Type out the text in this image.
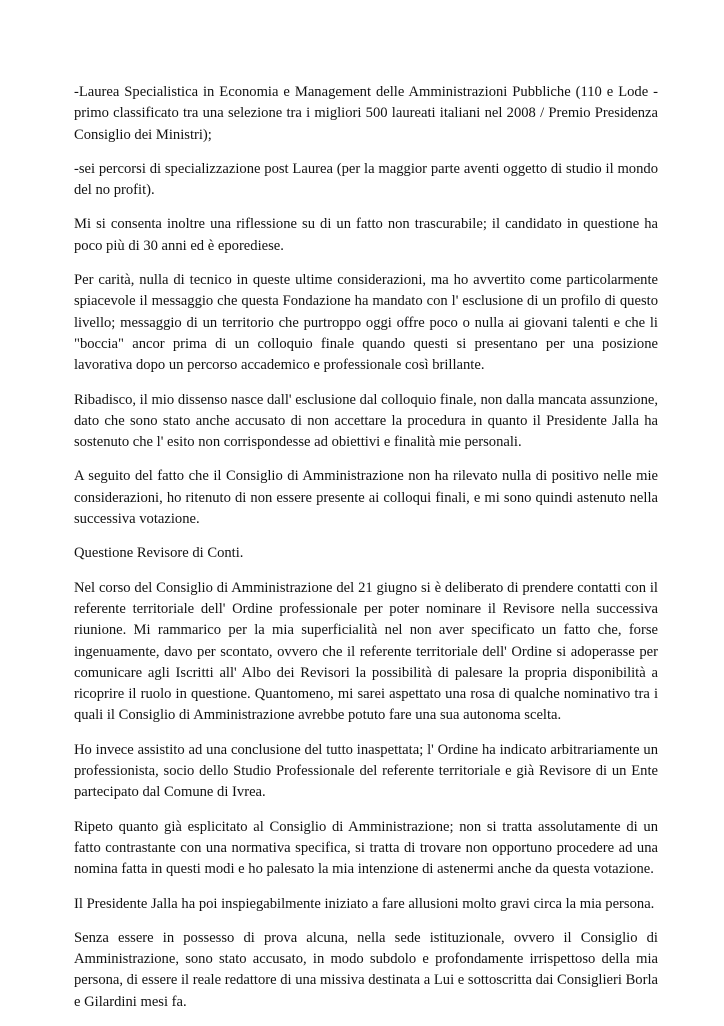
-Laurea Specialistica in Economia e Management delle Amministrazioni Pubbliche (110 e Lode - primo classificato tra una selezione tra i migliori 500 laureati italiani nel 2008 / Premio Presidenza Consiglio dei Ministri);

-sei percorsi di specializzazione post Laurea (per la maggior parte aventi oggetto di studio il mondo del no profit).

Mi si consenta inoltre una riflessione su di un fatto non trascurabile; il candidato in questione ha poco più di 30 anni ed è eporediese.

Per carità, nulla di tecnico in queste ultime considerazioni, ma ho avvertito come particolarmente spiacevole il messaggio che questa Fondazione ha mandato con l' esclusione di un profilo di questo livello; messaggio di un territorio che purtroppo oggi offre poco o nulla ai giovani talenti e che li "boccia" ancor prima di un colloquio finale quando questi si presentano per una posizione lavorativa dopo un percorso accademico e professionale così brillante.

Ribadisco, il mio dissenso nasce dall' esclusione dal colloquio finale, non dalla mancata assunzione, dato che sono stato anche accusato di non accettare la procedura in quanto il Presidente Jalla ha sostenuto che l' esito non corrispondesse ad obiettivi e finalità mie personali.

A seguito del fatto che il Consiglio di Amministrazione non ha rilevato nulla di positivo nelle mie considerazioni, ho ritenuto di non essere presente ai colloqui finali, e mi sono quindi astenuto nella successiva votazione.

Questione Revisore di Conti.

Nel corso del Consiglio di Amministrazione del 21 giugno si è deliberato di prendere contatti con il referente territoriale dell' Ordine professionale per poter nominare il Revisore nella successiva riunione. Mi rammarico per la mia superficialità nel non aver specificato un fatto che, forse ingenuamente, davo per scontato, ovvero che il referente territoriale dell' Ordine si adoperasse per comunicare agli Iscritti all' Albo dei Revisori la possibilità di palesare la propria disponibilità a ricoprire il ruolo in questione. Quantomeno, mi sarei aspettato una rosa di qualche nominativo tra i quali il Consiglio di Amministrazione avrebbe potuto fare una sua autonoma scelta.

Ho invece assistito ad una conclusione del tutto inaspettata; l' Ordine ha indicato arbitrariamente un professionista, socio dello Studio Professionale del referente territoriale e già Revisore di un Ente partecipato dal Comune di Ivrea.

Ripeto quanto già esplicitato al Consiglio di Amministrazione; non si tratta assolutamente di un fatto contrastante con una normativa specifica, si tratta di trovare non opportuno procedere ad una nomina fatta in questi modi e ho palesato la mia intenzione di astenermi anche da questa votazione.

Il Presidente Jalla ha poi inspiegabilmente iniziato a fare allusioni molto gravi circa la mia persona.

Senza essere in possesso di prova alcuna, nella sede istituzionale, ovvero il Consiglio di Amministrazione, sono stato accusato, in modo subdolo e profondamente irrispettoso della mia persona, di essere il reale redattore di una missiva destinata a Lui e sottoscritta dai Consiglieri Borla e Gilardini mesi fa.
